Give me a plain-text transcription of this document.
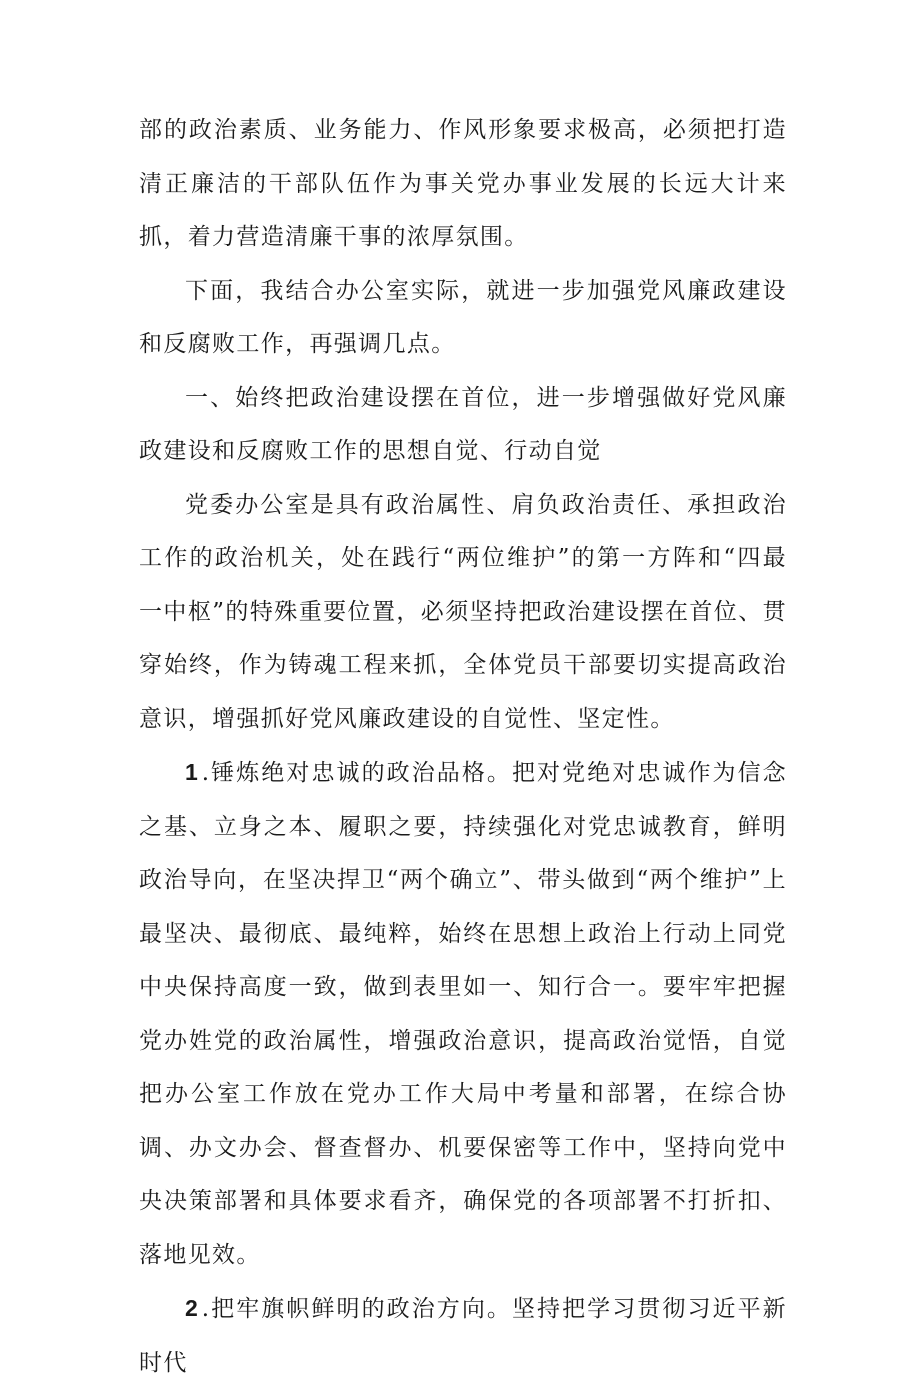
部的政治素质、业务能力、作风形象要求极高，必须把打造清正廉洁的干部队伍作为事关党办事业发展的长远大计来抓，着力营造清廉干事的浓厚氛围。

下面，我结合办公室实际，就进一步加强党风廉政建设和反腐败工作，再强调几点。

一、始终把政治建设摆在首位，进一步增强做好党风廉政建设和反腐败工作的思想自觉、行动自觉

党委办公室是具有政治属性、肩负政治责任、承担政治工作的政治机关，处在践行“两位维护”的第一方阵和“四最一中枢”的特殊重要位置，必须坚持把政治建设摆在首位、贯穿始终，作为铸魂工程来抓，全体党员干部要切实提高政治意识，增强抓好党风廉政建设的自觉性、坚定性。

1 .锤炼绝对忠诚的政治品格。把对党绝对忠诚作为信念之基、立身之本、履职之要，持续强化对党忠诚教育，鲜明政治导向，在坚决捍卫“两个确立”、带头做到“两个维护”上最坚决、最彻底、最纯粹，始终在思想上政治上行动上同党中央保持高度一致，做到表里如一、知行合一。要牢牢把握党办姓党的政治属性，增强政治意识，提高政治觉悟，自觉把办公室工作放在党办工作大局中考量和部署，在综合协调、办文办会、督查督办、机要保密等工作中，坚持向党中央决策部署和具体要求看齐，确保党的各项部署不打折扣、落地见效。

2 .把牢旗帜鲜明的政治方向。坚持把学习贯彻习近平新时代
